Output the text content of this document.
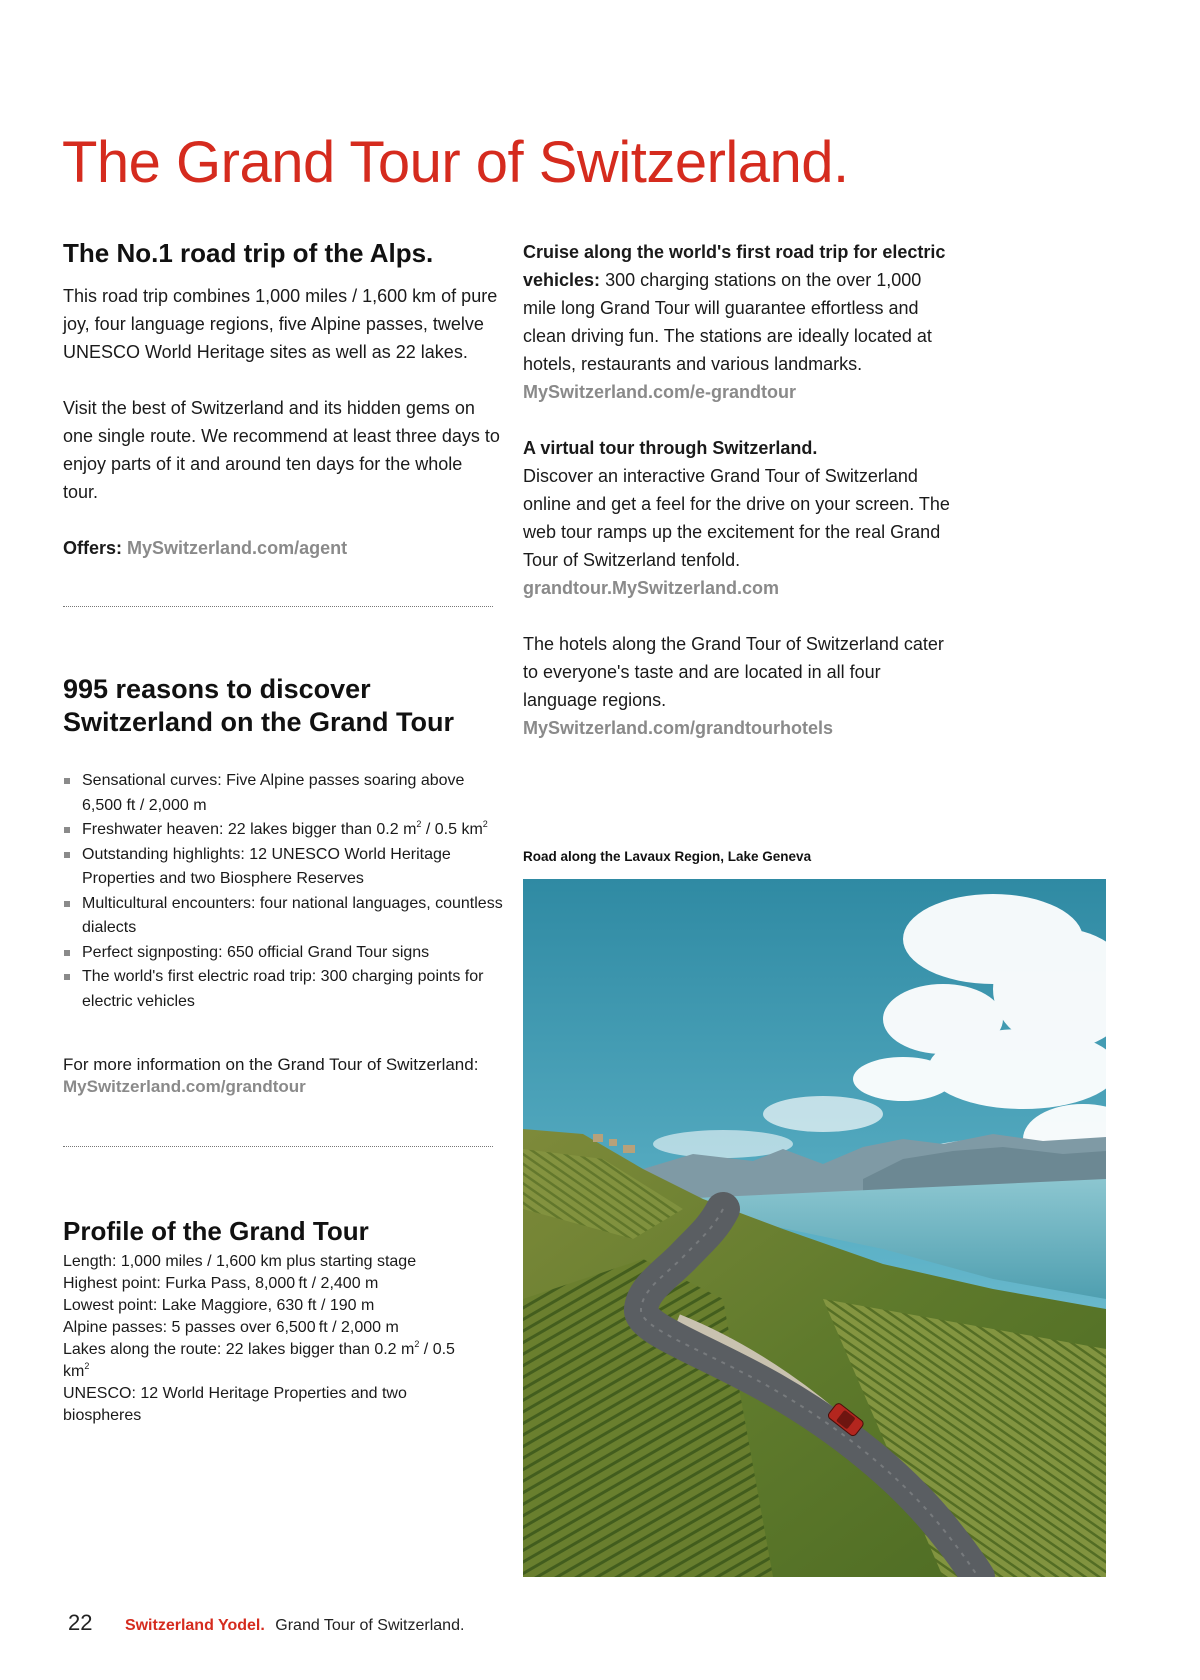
The Grand Tour of Switzerland.
The No.1 road trip of the Alps.

This road trip combines 1,000 miles / 1,600 km of pure joy, four language regions, five Alpine passes, twelve UNESCO World Heritage sites as well as 22 lakes.

Visit the best of Switzerland and its hidden gems on one single route. We recommend at least three days to enjoy parts of it and around ten days for the whole tour.

Offers: MySwitzerland.com/agent

995 reasons to discover
Switzerland on the Grand Tour
Sensational curves: Five Alpine passes soaring above 6,500 ft / 2,000 m
Freshwater heaven: 22 lakes bigger than 0.2 $m^2 / 0.5$ $km^2$
Outstanding highlights: 12 UNESCO World Heritage Properties and two Biosphere Reserves
Multicultural encounters: four national languages, countless dialects
Perfect signposting: 650 official Grand Tour signs
The world's first electric road trip: 300 charging points for electric vehicles
For more information on the Grand Tour of Switzerland:
MySwitzerland.com/grandtour
Profile of the Grand Tour
Length: 1,000 miles / 1,600 km plus starting stage
Highest point: Furka Pass, 8,000 ft / 2,400 m
Lowest point: Lake Maggiore, 630 ft / 190 m
Alpine passes: 5 passes over 6,500 ft / 2,000 m
Lakes along the route: 22 lakes bigger than 0.2 $m^2 / 0.5$ $km^2$
UNESCO: 12 World Heritage Properties and two biospheres

Cruise along the world's first road trip for electric vehicles: 300 charging stations on the over 1,000 mile long Grand Tour will guarantee effortless and clean driving fun. The stations are ideally located at hotels, restaurants and various landmarks.
MySwitzerland.com/e-grandtour

A virtual tour through Switzerland.
Discover an interactive Grand Tour of Switzerland online and get a feel for the drive on your screen. The web tour ramps up the excitement for the real Grand Tour of Switzerland tenfold.
grandtour.MySwitzerland.com

The hotels along the Grand Tour of Switzerland cater to everyone's taste and are located in all four language regions.
MySwitzerland.com/grandtourhotels

Road along the Lavaux Region, Lake Geneva
22 Switzerland Yodel. Grand Tour of Switzerland.
